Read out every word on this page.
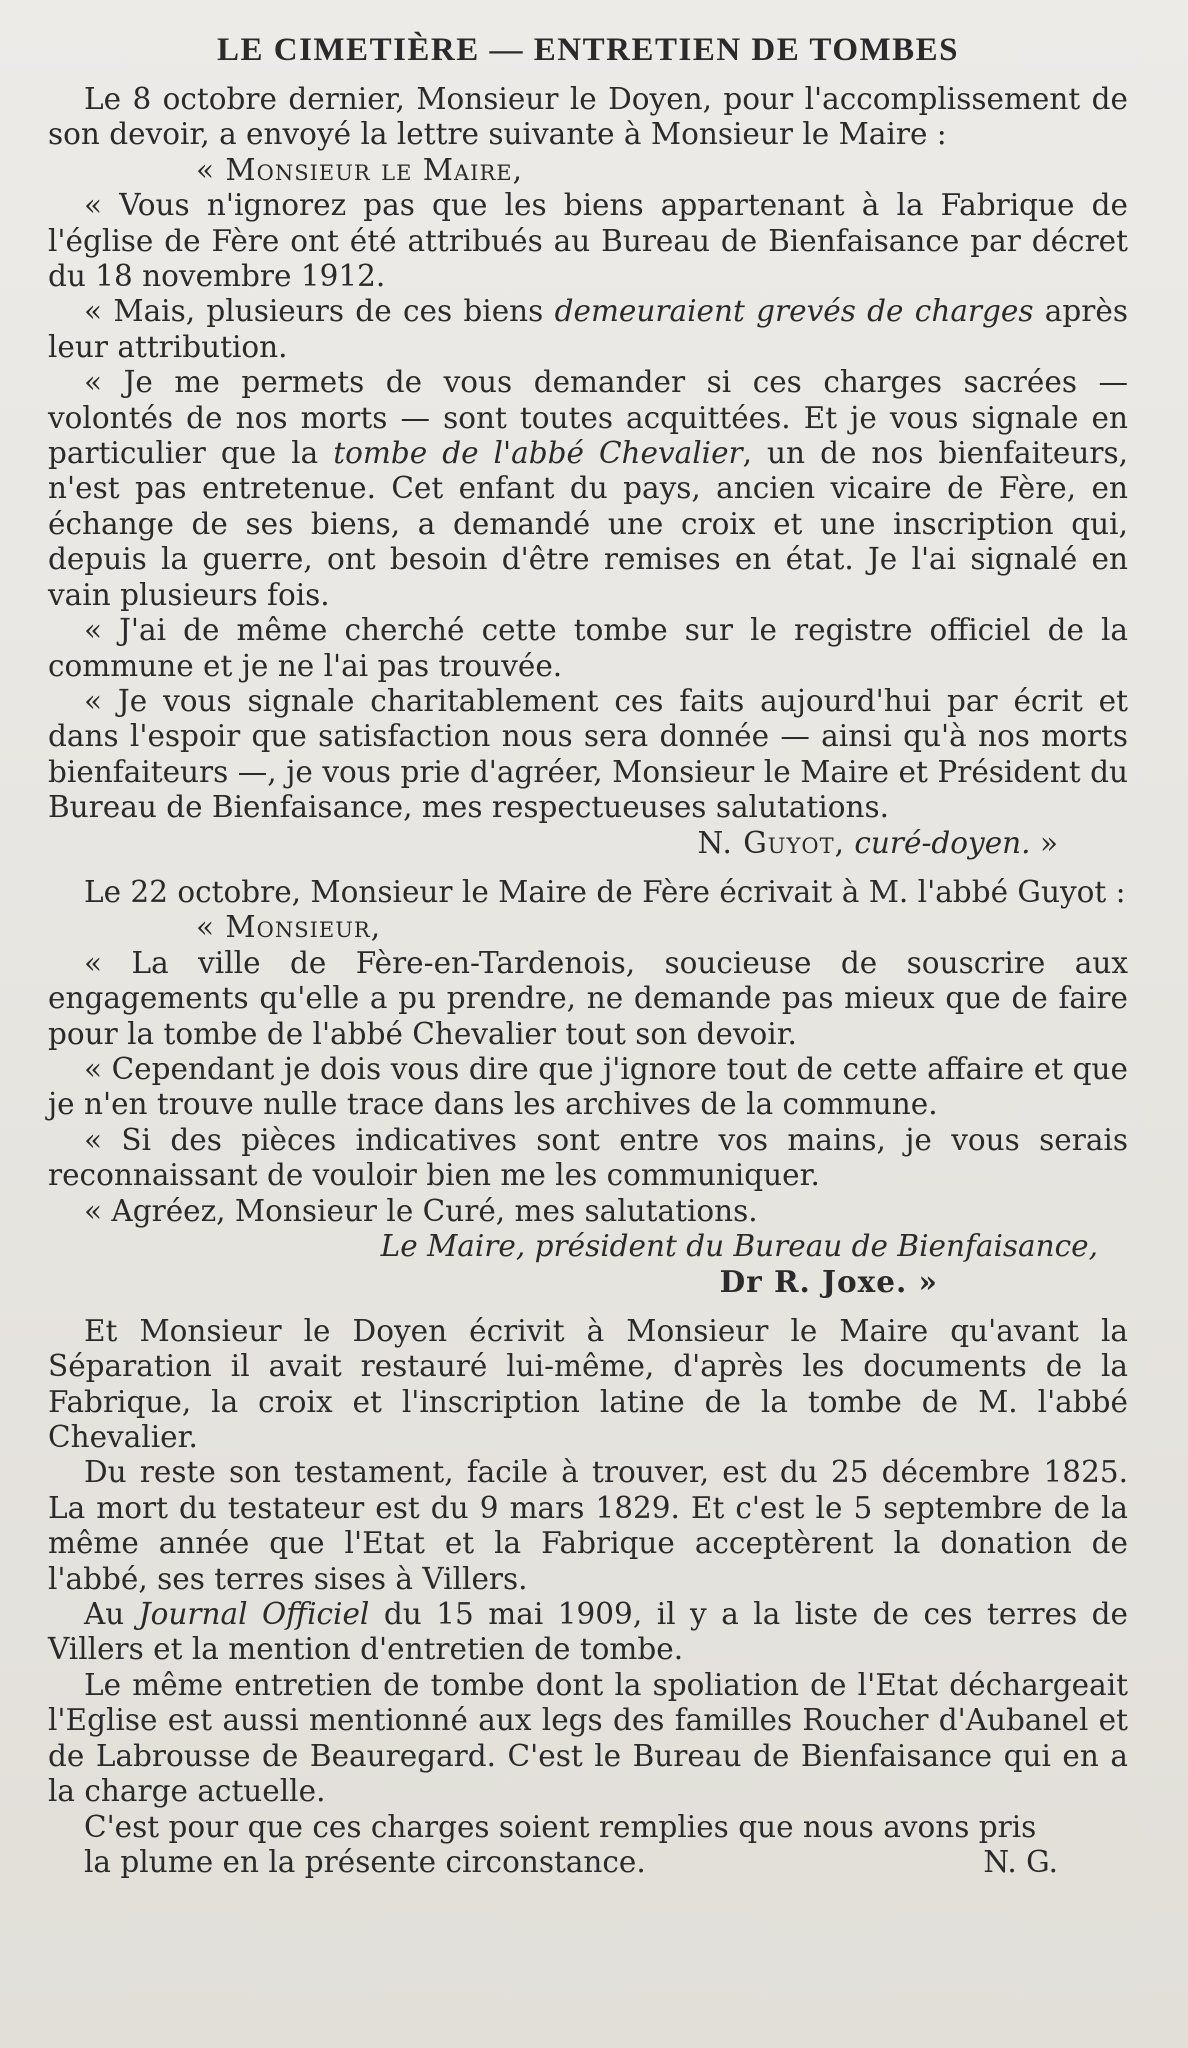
LE CIMETIÈRE — ENTRETIEN DE TOMBES

Le 8 octobre dernier, Monsieur le Doyen, pour l'accomplissement de son devoir, a envoyé la lettre suivante à Monsieur le Maire :

« Monsieur le Maire,

« Vous n'ignorez pas que les biens appartenant à la Fabrique de l'église de Fère ont été attribués au Bureau de Bienfaisance par décret du 18 novembre 1912.

« Mais, plusieurs de ces biens demeuraient grevés de charges après leur attribution.

« Je me permets de vous demander si ces charges sacrées — volontés de nos morts — sont toutes acquittées. Et je vous signale en particulier que la tombe de l'abbé Chevalier, un de nos bienfaiteurs, n'est pas entretenue. Cet enfant du pays, ancien vicaire de Fère, en échange de ses biens, a demandé une croix et une inscription qui, depuis la guerre, ont besoin d'être remises en état. Je l'ai signalé en vain plusieurs fois.

« J'ai de même cherché cette tombe sur le registre officiel de la commune et je ne l'ai pas trouvée.

« Je vous signale charitablement ces faits aujourd'hui par écrit et dans l'espoir que satisfaction nous sera donnée — ainsi qu'à nos morts bienfaiteurs —, je vous prie d'agréer, Monsieur le Maire et Président du Bureau de Bienfaisance, mes respectueuses salutations.

N. Guyot, curé-doyen. »

Le 22 octobre, Monsieur le Maire de Fère écrivait à M. l'abbé Guyot :

« Monsieur,

« La ville de Fère-en-Tardenois, soucieuse de souscrire aux engagements qu'elle a pu prendre, ne demande pas mieux que de faire pour la tombe de l'abbé Chevalier tout son devoir.

« Cependant je dois vous dire que j'ignore tout de cette affaire et que je n'en trouve nulle trace dans les archives de la commune.

« Si des pièces indicatives sont entre vos mains, je vous serais reconnaissant de vouloir bien me les communiquer.

« Agréez, Monsieur le Curé, mes salutations.

Le Maire, président du Bureau de Bienfaisance,

Dr R. Joxe. »

Et Monsieur le Doyen écrivit à Monsieur le Maire qu'avant la Séparation il avait restauré lui-même, d'après les documents de la Fabrique, la croix et l'inscription latine de la tombe de M. l'abbé Chevalier.

Du reste son testament, facile à trouver, est du 25 décembre 1825. La mort du testateur est du 9 mars 1829. Et c'est le 5 septembre de la même année que l'Etat et la Fabrique acceptèrent la donation de l'abbé, ses terres sises à Villers.

Au Journal Officiel du 15 mai 1909, il y a la liste de ces terres de Villers et la mention d'entretien de tombe.

Le même entretien de tombe dont la spoliation de l'Etat déchargeait l'Eglise est aussi mentionné aux legs des familles Roucher d'Aubanel et de Labrousse de Beauregard. C'est le Bureau de Bienfaisance qui en a la charge actuelle.

C'est pour que ces charges soient remplies que nous avons pris

la plume en la présente circonstance.	N. G.
